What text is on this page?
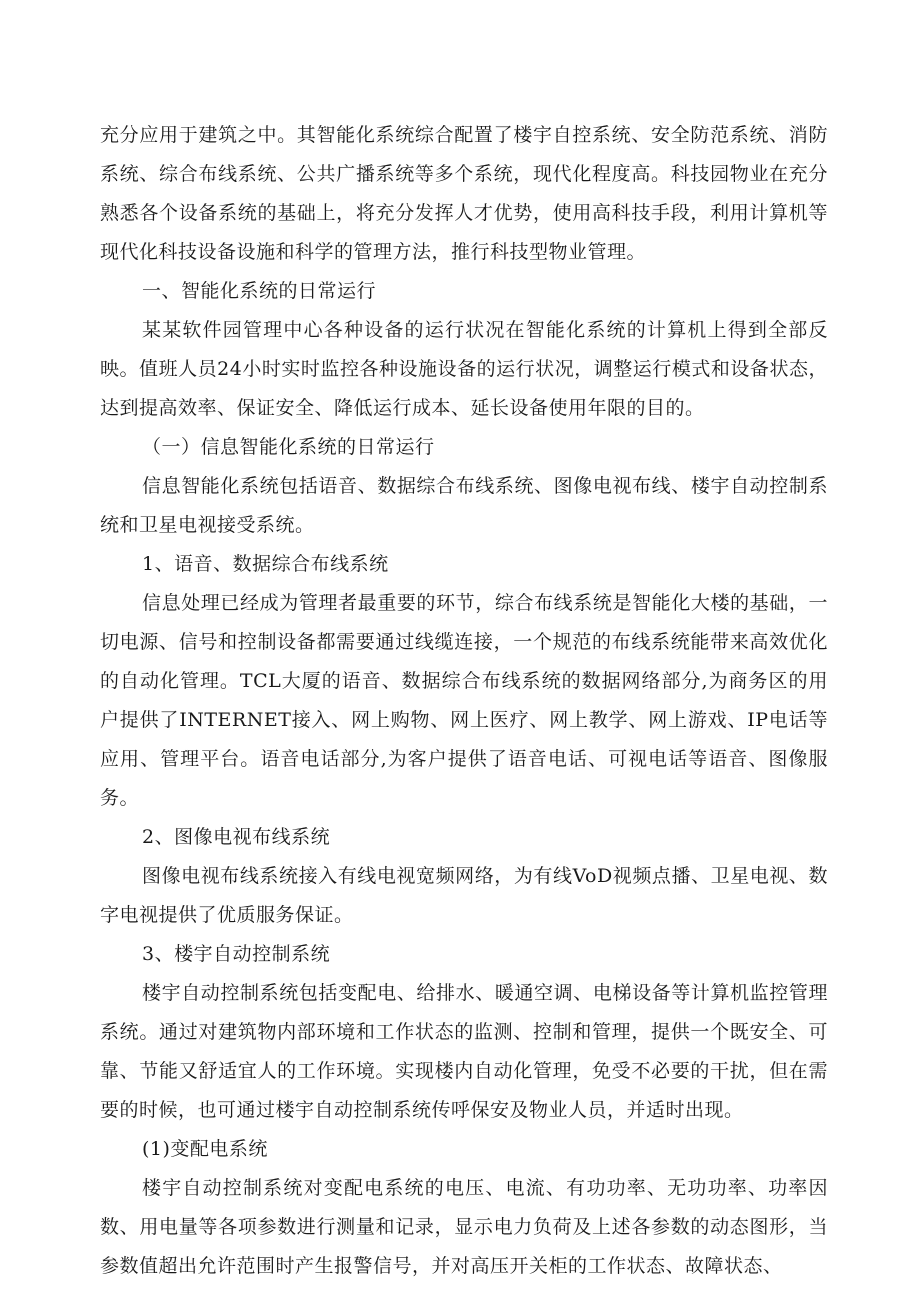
充分应用于建筑之中。其智能化系统综合配置了楼宇自控系统、安全防范系统、消防系统、综合布线系统、公共广播系统等多个系统，现代化程度高。科技园物业在充分熟悉各个设备系统的基础上，将充分发挥人才优势，使用高科技手段，利用计算机等现代化科技设备设施和科学的管理方法，推行科技型物业管理。

一、智能化系统的日常运行

某某软件园管理中心各种设备的运行状况在智能化系统的计算机上得到全部反映。值班人员24小时实时监控各种设施设备的运行状况，调整运行模式和设备状态，达到提高效率、保证安全、降低运行成本、延长设备使用年限的目的。

（一）信息智能化系统的日常运行

信息智能化系统包括语音、数据综合布线系统、图像电视布线、楼宇自动控制系统和卫星电视接受系统。

1、语音、数据综合布线系统

信息处理已经成为管理者最重要的环节，综合布线系统是智能化大楼的基础，一切电源、信号和控制设备都需要通过线缆连接，一个规范的布线系统能带来高效优化的自动化管理。TCL大厦的语音、数据综合布线系统的数据网络部分,为商务区的用户提供了INTERNET接入、网上购物、网上医疗、网上教学、网上游戏、IP电话等应用、管理平台。语音电话部分,为客户提供了语音电话、可视电话等语音、图像服务。

2、图像电视布线系统

图像电视布线系统接入有线电视宽频网络，为有线VoD视频点播、卫星电视、数字电视提供了优质服务保证。

3、楼宇自动控制系统

楼宇自动控制系统包括变配电、给排水、暖通空调、电梯设备等计算机监控管理系统。通过对建筑物内部环境和工作状态的监测、控制和管理，提供一个既安全、可靠、节能又舒适宜人的工作环境。实现楼内自动化管理，免受不必要的干扰，但在需要的时候，也可通过楼宇自动控制系统传呼保安及物业人员，并适时出现。

(1)变配电系统

楼宇自动控制系统对变配电系统的电压、电流、有功功率、无功功率、功率因数、用电量等各项参数进行测量和记录，显示电力负荷及上述各参数的动态图形，当参数值超出允许范围时产生报警信号，并对高压开关柜的工作状态、故障状态、
